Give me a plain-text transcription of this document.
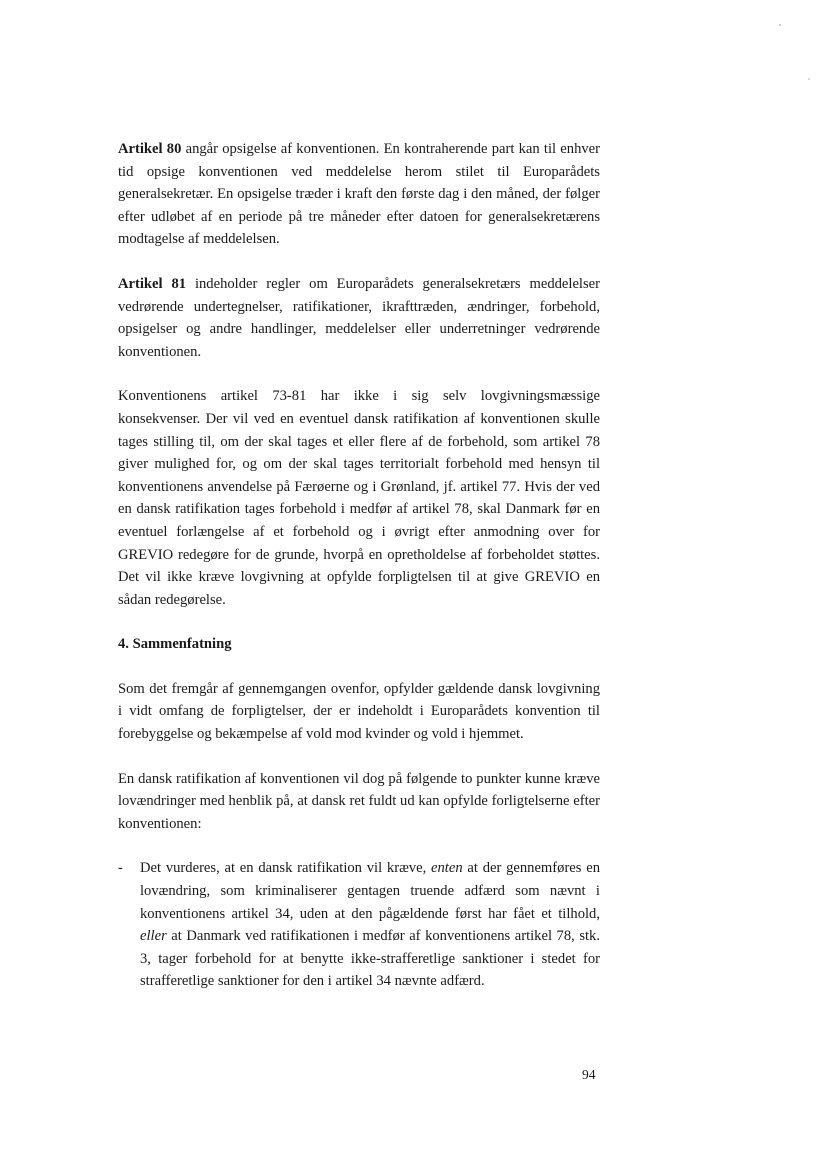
Artikel 80 angår opsigelse af konventionen. En kontraherende part kan til enhver tid opsige konventionen ved meddelelse herom stilet til Europarådets generalsekretær. En opsigelse træder i kraft den første dag i den måned, der følger efter udløbet af en periode på tre måneder efter datoen for generalsekretærens modtagelse af meddelelsen.

Artikel 81 indeholder regler om Europarådets generalsekretærs meddelelser vedrørende undertegnelser, ratifikationer, ikrafttræden, ændringer, forbehold, opsigelser og andre handlinger, meddelelser eller underretninger vedrørende konventionen.

Konventionens artikel 73-81 har ikke i sig selv lovgivningsmæssige konsekvenser. Der vil ved en eventuel dansk ratifikation af konventionen skulle tages stilling til, om der skal tages et eller flere af de forbehold, som artikel 78 giver mulighed for, og om der skal tages territorialt forbehold med hensyn til konventionens anvendelse på Færøerne og i Grønland, jf. artikel 77. Hvis der ved en dansk ratifikation tages forbehold i medfør af artikel 78, skal Danmark før en eventuel forlængelse af et forbehold og i øvrigt efter anmodning over for GREVIO redegøre for de grunde, hvorpå en opretholdelse af forbeholdet støttes. Det vil ikke kræve lovgivning at opfylde forpligtelsen til at give GREVIO en sådan redegørelse.

4. Sammenfatning

Som det fremgår af gennemgangen ovenfor, opfylder gældende dansk lovgivning i vidt omfang de forpligtelser, der er indeholdt i Europarådets konvention til forebyggelse og bekæmpelse af vold mod kvinder og vold i hjemmet.

En dansk ratifikation af konventionen vil dog på følgende to punkter kunne kræve lovændringer med henblik på, at dansk ret fuldt ud kan opfylde forligtelserne efter konventionen:

- Det vurderes, at en dansk ratifikation vil kræve, enten at der gennemføres en lovændring, som kriminaliserer gentagen truende adfærd som nævnt i konventionens artikel 34, uden at den pågældende først har fået et tilhold, eller at Danmark ved ratifikationen i medfør af konventionens artikel 78, stk. 3, tager forbehold for at benytte ikke-strafferetlige sanktioner i stedet for strafferetlige sanktioner for den i artikel 34 nævnte adfærd.

94
